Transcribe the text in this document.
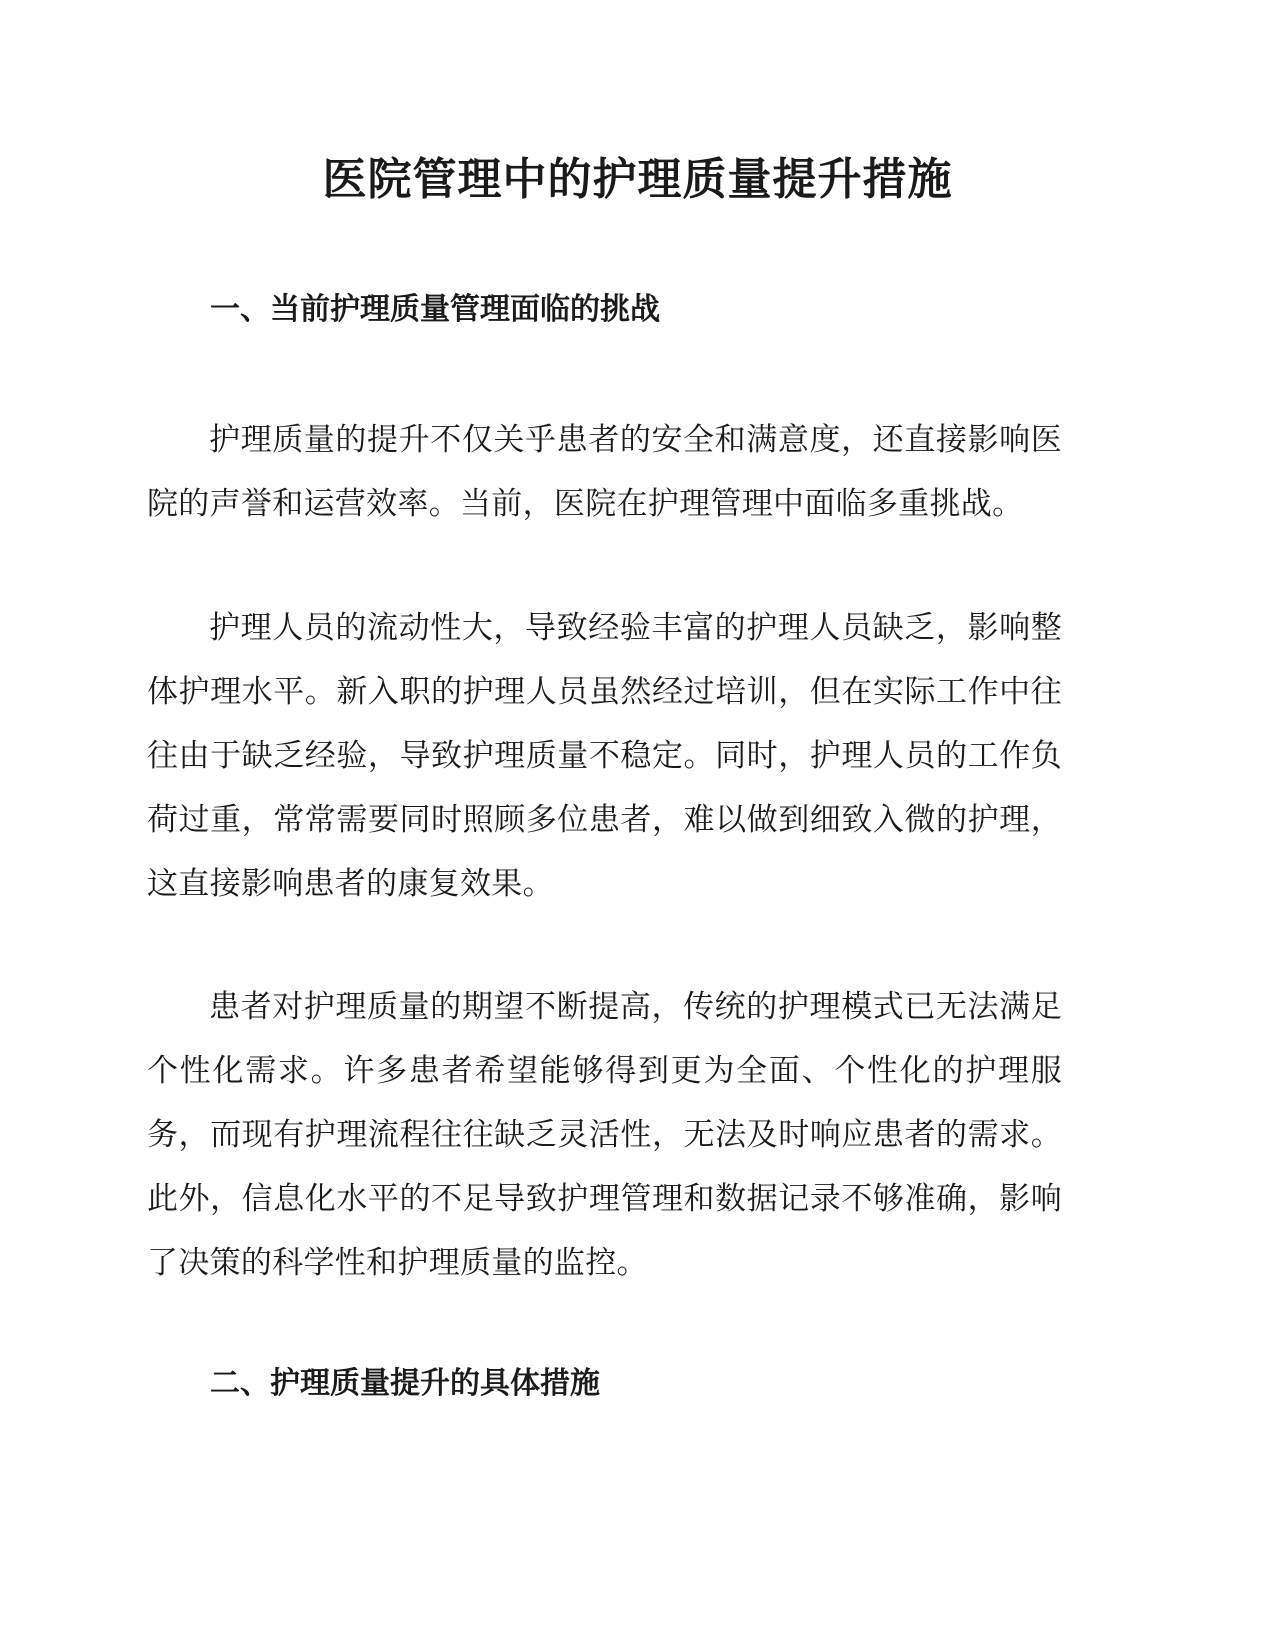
医院管理中的护理质量提升措施
一、当前护理质量管理面临的挑战

护理质量的提升不仅关乎患者的安全和满意度，还直接影响医院的声誉和运营效率。当前，医院在护理管理中面临多重挑战。

护理人员的流动性大，导致经验丰富的护理人员缺乏，影响整体护理水平。新入职的护理人员虽然经过培训，但在实际工作中往往由于缺乏经验，导致护理质量不稳定。同时，护理人员的工作负荷过重，常常需要同时照顾多位患者，难以做到细致入微的护理，这直接影响患者的康复效果。

患者对护理质量的期望不断提高，传统的护理模式已无法满足个性化需求。许多患者希望能够得到更为全面、个性化的护理服务，而现有护理流程往往缺乏灵活性，无法及时响应患者的需求。此外，信息化水平的不足导致护理管理和数据记录不够准确，影响了决策的科学性和护理质量的监控。

二、护理质量提升的具体措施
